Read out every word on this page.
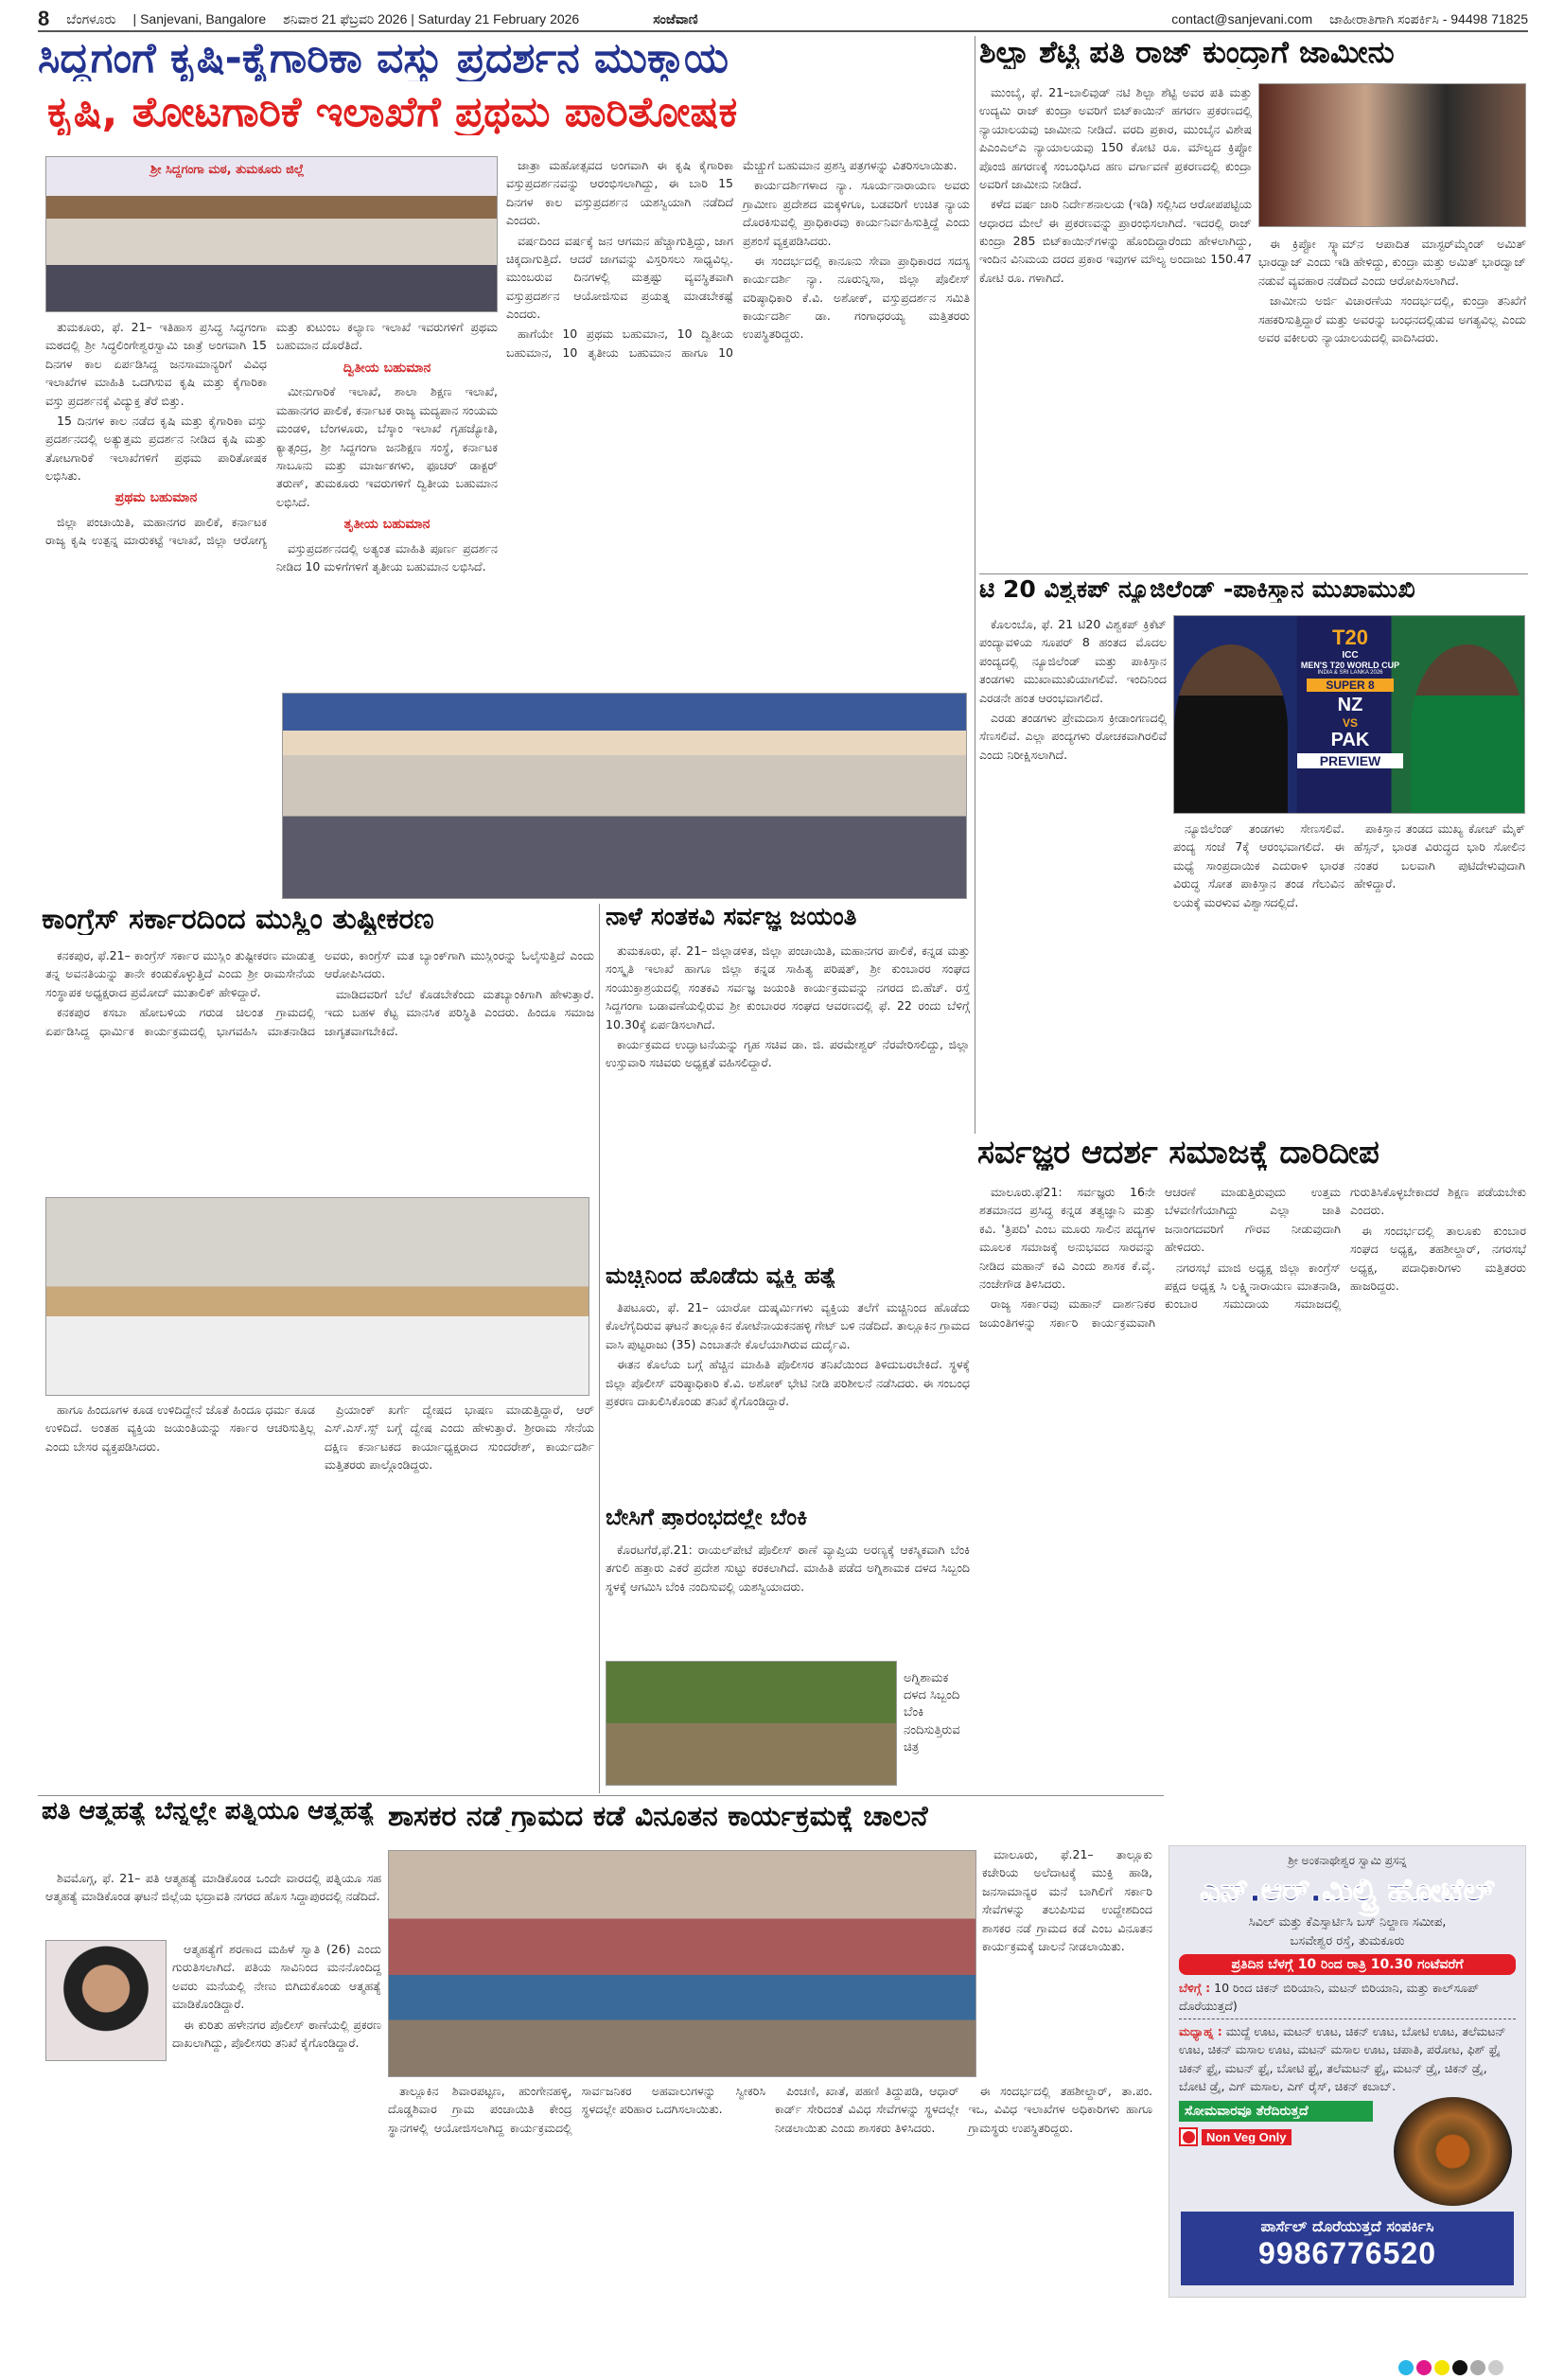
8 ಬೆಂಗಳೂರು | Sanjevani, Bangalore ಶನಿವಾರ 21 ಫೆಬ್ರವರಿ 2026 | Saturday 21 February 2026	ಸಂಜೆವಾಣಿ	contact@sanjevani.com ಜಾಹೀರಾತಿಗಾಗಿ ಸಂಪರ್ಕಿಸಿ - 94498 71825
ಸಿದ್ದಗಂಗೆ ಕೃಷಿ-ಕೈಗಾರಿಕಾ ವಸ್ತು ಪ್ರದರ್ಶನ ಮುಕ್ತಾಯ
ಕೃಷಿ, ತೋಟಗಾರಿಕೆ ಇಲಾಖೆಗೆ ಪ್ರಥಮ ಪಾರಿತೋಷಕ
ಶ್ರೀ ಸಿದ್ದಗಂಗಾ ಮಠ, ತುಮಕೂರು ಜಿಲ್ಲೆ

ತುಮಕೂರು, ಫೆ. 21– ಇತಿಹಾಸ ಪ್ರಸಿದ್ಧ ಸಿದ್ಧಗಂಗಾ ಮಠದಲ್ಲಿ ಶ್ರೀ ಸಿದ್ಧಲಿಂಗೇಶ್ವರಸ್ವಾಮಿ ಜಾತ್ರೆ ಅಂಗವಾಗಿ 15 ದಿನಗಳ ಕಾಲ ಏರ್ಪಡಿಸಿದ್ದ ಜನಸಾಮಾನ್ಯರಿಗೆ ವಿವಿಧ ಇಲಾಖೆಗಳ ಮಾಹಿತಿ ಒದಗಿಸುವ ಕೃಷಿ ಮತ್ತು ಕೈಗಾರಿಕಾ ವಸ್ತು ಪ್ರದರ್ಶನಕ್ಕೆ ವಿದ್ಯುಕ್ತ ತೆರೆ ಬಿತ್ತು.

15 ದಿನಗಳ ಕಾಲ ನಡೆದ ಕೃಷಿ ಮತ್ತು ಕೈಗಾರಿಕಾ ವಸ್ತು ಪ್ರದರ್ಶನದಲ್ಲಿ ಅತ್ಯುತ್ತಮ ಪ್ರದರ್ಶನ ನೀಡಿದ ಕೃಷಿ ಮತ್ತು ತೋಟಗಾರಿಕೆ ಇಲಾಖೆಗಳಿಗೆ ಪ್ರಥಮ ಪಾರಿತೋಷಕ ಲಭಿಸಿತು.

ಪ್ರಥಮ ಬಹುಮಾನ

ಜಿಲ್ಲಾ ಪಂಚಾಯಿತಿ, ಮಹಾನಗರ ಪಾಲಿಕೆ, ಕರ್ನಾಟಕ ರಾಜ್ಯ ಕೃಷಿ ಉತ್ಪನ್ನ ಮಾರುಕಟ್ಟೆ ಇಲಾಖೆ, ಜಿಲ್ಲಾ ಆರೋಗ್ಯ ಮತ್ತು ಕುಟುಂಬ ಕಲ್ಯಾಣ ಇಲಾಖೆ ಇವರುಗಳಿಗೆ ಪ್ರಥಮ ಬಹುಮಾನ ದೊರೆತಿದೆ.

ದ್ವಿತೀಯ ಬಹುಮಾನ

ಮೀನುಗಾರಿಕೆ ಇಲಾಖೆ, ಶಾಲಾ ಶಿಕ್ಷಣ ಇಲಾಖೆ, ಮಹಾನಗರ ಪಾಲಿಕೆ, ಕರ್ನಾಟಕ ರಾಜ್ಯ ಮದ್ಯಪಾನ ಸಂಯಮ ಮಂಡಳಿ, ಬೆಂಗಳೂರು, ಬೆಸ್ಕಾಂ ಇಲಾಖೆ ಗೃಹಜ್ಯೋತಿ, ಕ್ಯಾತ್ಸಂದ್ರ, ಶ್ರೀ ಸಿದ್ದಗಂಗಾ ಜನಶಿಕ್ಷಣ ಸಂಸ್ಥೆ, ಕರ್ನಾಟಕ ಸಾಬೂನು ಮತ್ತು ಮಾರ್ಜಕಗಳು, ಫೂಚರ್ ಡಾಕ್ಟರ್ ತರುಣ್, ತುಮಕೂರು ಇವರುಗಳಿಗೆ ದ್ವಿತೀಯ ಬಹುಮಾನ ಲಭಿಸಿದೆ.

ತೃತೀಯ ಬಹುಮಾನ

ವಸ್ತುಪ್ರದರ್ಶನದಲ್ಲಿ ಅತ್ಯಂತ ಮಾಹಿತಿ ಪೂರ್ಣ ಪ್ರದರ್ಶನ ನೀಡಿದ 10 ಮಳಿಗೆಗಳಿಗೆ ತೃತೀಯ ಬಹುಮಾನ ಲಭಿಸಿದೆ.

ಜಾತ್ರಾ ಮಹೋತ್ಸವದ ಅಂಗವಾಗಿ ಈ ಕೃಷಿ ಕೈಗಾರಿಕಾ ವಸ್ತುಪ್ರದರ್ಶನವನ್ನು ಆರಂಭಿಸಲಾಗಿದ್ದು, ಈ ಬಾರಿ 15 ದಿನಗಳ ಕಾಲ ವಸ್ತುಪ್ರದರ್ಶನ ಯಶಸ್ವಿಯಾಗಿ ನಡೆದಿದೆ ಎಂದರು.

ವರ್ಷದಿಂದ ವರ್ಷಕ್ಕೆ ಜನ ಆಗಮನ ಹೆಚ್ಚಾಗುತ್ತಿದ್ದು, ಜಾಗ ಚಿಕ್ಕದಾಗುತ್ತಿದೆ. ಆದರೆ ಜಾಗವನ್ನು ವಿಸ್ತರಿಸಲು ಸಾಧ್ಯವಿಲ್ಲ. ಮುಂಬರುವ ದಿನಗಳಲ್ಲಿ ಮತ್ತಷ್ಟು ವ್ಯವಸ್ಥಿತವಾಗಿ ವಸ್ತುಪ್ರದರ್ಶನ ಆಯೋಜಿಸುವ ಪ್ರಯತ್ನ ಮಾಡಬೇಕಷ್ಟೆ ಎಂದರು.

ಹಾಗೆಯೇ 10 ಪ್ರಥಮ ಬಹುಮಾನ, 10 ದ್ವಿತೀಯ ಬಹುಮಾನ, 10 ತೃತೀಯ ಬಹುಮಾನ ಹಾಗೂ 10 ಮೆಚ್ಚುಗೆ ಬಹುಮಾನ ಪ್ರಶಸ್ತಿ ಪತ್ರಗಳನ್ನು ವಿತರಿಸಲಾಯಿತು.

ಕಾರ್ಯದರ್ಶಿಗಳಾದ ನ್ಯಾ. ಸೂರ್ಯನಾರಾಯಣ ಅವರು ಗ್ರಾಮೀಣ ಪ್ರದೇಶದ ಮಕ್ಕಳಿಗೂ, ಬಡವರಿಗೆ ಉಚಿತ ನ್ಯಾಯ ದೊರಕಿಸುವಲ್ಲಿ ಪ್ರಾಧಿಕಾರವು ಕಾರ್ಯನಿರ್ವಹಿಸುತ್ತಿದ್ದೆ ಎಂದು ಪ್ರಶಂಸೆ ವ್ಯಕ್ತಪಡಿಸಿದರು.

ಈ ಸಂದರ್ಭದಲ್ಲಿ ಕಾನೂನು ಸೇವಾ ಪ್ರಾಧಿಕಾರದ ಸದಸ್ಯ ಕಾರ್ಯದರ್ಶಿ ನ್ಯಾ. ನೂರುನ್ನಿಸಾ, ಜಿಲ್ಲಾ ಪೊಲೀಸ್ ವರಿಷ್ಠಾಧಿಕಾರಿ ಕೆ.ವಿ. ಅಶೋಕ್, ವಸ್ತುಪ್ರದರ್ಶನ ಸಮಿತಿ ಕಾರ್ಯದರ್ಶಿ ಡಾ. ಗಂಗಾಧರಯ್ಯ ಮತ್ತಿತರರು ಉಪಸ್ಥಿತರಿದ್ದರು.

ಶಿಲ್ಪಾ ಶೆಟ್ಟಿ ಪತಿ ರಾಜ್ ಕುಂದ್ರಾಗೆ ಜಾಮೀನು

ಮುಂಬೈ, ಫೆ. 21–ಬಾಲಿವುಡ್ ನಟಿ ಶಿಲ್ಪಾ ಶೆಟ್ಟಿ ಅವರ ಪತಿ ಮತ್ತು ಉದ್ಯಮಿ ರಾಜ್ ಕುಂದ್ರಾ ಅವರಿಗೆ ಬಿಟ್‌ಕಾಯಿನ್ ಹಗರಣ ಪ್ರಕರಣದಲ್ಲಿ ನ್ಯಾಯಾಲಯವು ಜಾಮೀನು ನೀಡಿದೆ. ವರದಿ ಪ್ರಕಾರ, ಮುಂಬೈನ ವಿಶೇಷ ಪಿಎಂಎಲ್‌ಎ ನ್ಯಾಯಾಲಯವು 150 ಕೋಟಿ ರೂ. ಮೌಲ್ಯದ ಕ್ರಿಪ್ಟೋ ಪೊಂಜಿ ಹಗರಣಕ್ಕೆ ಸಂಬಂಧಿಸಿದ ಹಣ ವರ್ಗಾವಣೆ ಪ್ರಕರಣದಲ್ಲಿ ಕುಂದ್ರಾ ಅವರಿಗೆ ಜಾಮೀನು ನೀಡಿದೆ.

ಕಳೆದ ವರ್ಷ ಜಾರಿ ನಿರ್ದೇಶನಾಲಯ (ಇಡಿ) ಸಲ್ಲಿಸಿದ ಆರೋಪಪಟ್ಟಿಯ ಆಧಾರದ ಮೇಲೆ ಈ ಪ್ರಕರಣವನ್ನು ಪ್ರಾರಂಭಿಸಲಾಗಿದೆ. ಇದರಲ್ಲಿ ರಾಜ್ ಕುಂದ್ರಾ 285 ಬಿಟ್‌ಕಾಯಿನ್‌ಗಳನ್ನು ಹೊಂದಿದ್ದಾರೆಂದು ಹೇಳಲಾಗಿದ್ದು, ಇಂದಿನ ವಿನಿಮಯ ದರದ ಪ್ರಕಾರ ಇವುಗಳ ಮೌಲ್ಯ ಅಂದಾಜು 150.47 ಕೋಟಿ ರೂ. ಗಳಾಗಿದೆ.

ಈ ಕ್ರಿಪ್ಟೋ ಸ್ಕ್ಯಾಮ್‌ನ ಆಪಾದಿತ ಮಾಸ್ಟರ್‌ಮೈಂಡ್ ಅಮಿತ್ ಭಾರದ್ವಾಜ್ ಎಂದು ಇಡಿ ಹೇಳಿದ್ದು, ಕುಂದ್ರಾ ಮತ್ತು ಅಮಿತ್ ಭಾರದ್ವಾಜ್ ನಡುವೆ ವ್ಯವಹಾರ ನಡೆದಿದೆ ಎಂದು ಆರೋಪಿಸಲಾಗಿದೆ.

ಜಾಮೀನು ಅರ್ಜಿ ವಿಚಾರಣೆಯ ಸಂದರ್ಭದಲ್ಲಿ, ಕುಂದ್ರಾ ತನಿಖೆಗೆ ಸಹಕರಿಸುತ್ತಿದ್ದಾರೆ ಮತ್ತು ಅವರನ್ನು ಬಂಧನದಲ್ಲಿಡುವ ಅಗತ್ಯವಿಲ್ಲ ಎಂದು ಅವರ ವಕೀಲರು ನ್ಯಾಯಾಲಯದಲ್ಲಿ ವಾದಿಸಿದರು.

ಟಿ 20 ವಿಶ್ವಕಪ್ ನ್ಯೂಜಿಲೆಂಡ್ -ಪಾಕಿಸ್ತಾನ ಮುಖಾಮುಖಿ
T20
ICC
MEN'S T20 WORLD CUP
INDIA & SRI LANKA 2026
SUPER 8
NZ
VS
PAK
PREVIEW

ಕೊಲಂಬೊ, ಫೆ. 21 ಟಿ20 ವಿಶ್ವಕಪ್ ಕ್ರಿಕೆಟ್ ಪಂದ್ಯಾವಳಿಯ ಸೂಪರ್ 8 ಹಂತದ ಮೊದಲ ಪಂದ್ಯದಲ್ಲಿ ನ್ಯೂಜಿಲೆಂಡ್ ಮತ್ತು ಪಾಕಿಸ್ತಾನ ತಂಡಗಳು ಮುಖಾಮುಖಿಯಾಗಲಿವೆ. ಇಂದಿನಿಂದ ಎರಡನೇ ಹಂತ ಆರಂಭವಾಗಲಿದೆ.

ಎರಡು ತಂಡಗಳು ಪ್ರೇಮದಾಸ ಕ್ರೀಡಾಂಗಣದಲ್ಲಿ ಸೆಣಸಲಿವೆ. ಎಲ್ಲಾ ಪಂದ್ಯಗಳು ರೋಚಕವಾಗಿರಲಿವೆ ಎಂದು ನಿರೀಕ್ಷಿಸಲಾಗಿದೆ.

ನ್ಯೂಜಿಲೆಂಡ್ ತಂಡಗಳು ಸೇಣಸಲಿವೆ. ಪಂದ್ಯ ಸಂಜೆ 7ಕ್ಕೆ ಆರಂಭವಾಗಲಿದೆ. ಈ ಮಧ್ಯೆ ಸಾಂಪ್ರದಾಯಿಕ ಎದುರಾಳಿ ಭಾರತ ವಿರುದ್ಧ ಸೋತ ಪಾಕಿಸ್ತಾನ ತಂಡ ಗೆಲುವಿನ ಲಯಕ್ಕೆ ಮರಳುವ ವಿಶ್ವಾಸದಲ್ಲಿದೆ.

ಪಾಕಿಸ್ತಾನ ತಂಡದ ಮುಖ್ಯ ಕೋಚ್ ಮೈಕ್ ಹೆಸ್ಸನ್, ಭಾರತ ವಿರುದ್ಧದ ಭಾರಿ ಸೋಲಿನ ನಂತರ ಬಲವಾಗಿ ಪುಟಿದೇಳುವುದಾಗಿ ಹೇಳಿದ್ದಾರೆ.

ಕಾಂಗ್ರೆಸ್ ಸರ್ಕಾರದಿಂದ ಮುಸ್ಲಿಂ ತುಷ್ಟೀಕರಣ

ಕನಕಪುರ, ಫೆ.21– ಕಾಂಗ್ರೆಸ್ ಸರ್ಕಾರ ಮುಸ್ಲಿಂ ತುಷ್ಟೀಕರಣ ಮಾಡುತ್ತ ತನ್ನ ಅವನತಿಯನ್ನು ತಾನೇ ಕಂಡುಕೊಳ್ಳುತ್ತಿದೆ ಎಂದು ಶ್ರೀ ರಾಮಸೇನೆಯ ಸಂಸ್ಥಾಪಕ ಅಧ್ಯಕ್ಷರಾದ ಪ್ರಮೋದ್ ಮುತಾಲಿಕ್ ಹೇಳಿದ್ದಾರೆ.

ಕನಕಪುರ ಕಸಬಾ ಹೋಬಳಿಯ ಗರುಡ ಚಿಲಂತ ಗ್ರಾಮದಲ್ಲಿ ಏರ್ಪಡಿಸಿದ್ದ ಧಾರ್ಮಿಕ ಕಾರ್ಯಕ್ರಮದಲ್ಲಿ ಭಾಗವಹಿಸಿ ಮಾತನಾಡಿದ ಅವರು, ಕಾಂಗ್ರೆಸ್ ಮತ ಬ್ಯಾಂಕ್‌ಗಾಗಿ ಮುಸ್ಲಿಂರನ್ನು ಓಲೈಸುತ್ತಿದೆ ಎಂದು ಆರೋಪಿಸಿದರು.

ಮಾಡಿದವರಿಗೆ ಬೆಲೆ ಕೊಡಬೇಕೆಂದು ಮತಬ್ಯಾಂಕಿಗಾಗಿ ಹೇಳುತ್ತಾರೆ. ಇದು ಬಹಳ ಕೆಟ್ಟ ಮಾನಸಿಕ ಪರಿಸ್ಥಿತಿ ಎಂದರು. ಹಿಂದೂ ಸಮಾಜ ಜಾಗೃತವಾಗಬೇಕಿದೆ.

ಹಾಗೂ ಹಿಂದೂಗಳ ಕೂಡ ಉಳಿದಿದ್ದೇನೆ ಜೊತೆ ಹಿಂದೂ ಧರ್ಮ ಕೂಡ ಉಳಿದಿದೆ. ಅಂತಹ ವ್ಯಕ್ತಿಯ ಜಯಂತಿಯನ್ನು ಸರ್ಕಾರ ಆಚರಿಸುತ್ತಿಲ್ಲ ಎಂದು ಬೇಸರ ವ್ಯಕ್ತಪಡಿಸಿದರು.

ಪ್ರಿಯಾಂಕ್ ಖರ್ಗೆ ದ್ವೇಷದ ಭಾಷಣ ಮಾಡುತ್ತಿದ್ದಾರೆ, ಆರ್ ಎಸ್.ಎಸ್.ಸ್ಸ್ ಬಗ್ಗೆ ದ್ವೇಷ ಎಂದು ಹೇಳುತ್ತಾರೆ. ಶ್ರೀರಾಮ ಸೇನೆಯ ದಕ್ಷಿಣ ಕರ್ನಾಟಕದ ಕಾರ್ಯಾಧ್ಯಕ್ಷರಾದ ಸುಂದರೇಶ್, ಕಾರ್ಯದರ್ಶಿ ಮತ್ತಿತರರು ಪಾಲ್ಗೊಂಡಿದ್ದರು.

ನಾಳೆ ಸಂತಕವಿ ಸರ್ವಜ್ಞ ಜಯಂತಿ

ತುಮಕೂರು, ಫೆ. 21– ಜಿಲ್ಲಾಡಳಿತ, ಜಿಲ್ಲಾ ಪಂಚಾಯಿತಿ, ಮಹಾನಗರ ಪಾಲಿಕೆ, ಕನ್ನಡ ಮತ್ತು ಸಂಸ್ಕೃತಿ ಇಲಾಖೆ ಹಾಗೂ ಜಿಲ್ಲಾ ಕನ್ನಡ ಸಾಹಿತ್ಯ ಪರಿಷತ್, ಶ್ರೀ ಕುಂಬಾರರ ಸಂಘದ ಸಂಯುಕ್ತಾಶ್ರಯದಲ್ಲಿ ಸಂತಕವಿ ಸರ್ವಜ್ಞ ಜಯಂತಿ ಕಾರ್ಯಕ್ರಮವನ್ನು ನಗರದ ಬಿ.ಹೆಚ್. ರಸ್ತೆ ಸಿದ್ದಗಂಗಾ ಬಡಾವಣೆಯಲ್ಲಿರುವ ಶ್ರೀ ಕುಂಬಾರರ ಸಂಘದ ಆವರಣದಲ್ಲಿ ಫೆ. 22 ರಂದು ಬೆಳಿಗ್ಗೆ 10.30ಕ್ಕೆ ಏರ್ಪಡಿಸಲಾಗಿದೆ.

ಕಾರ್ಯಕ್ರಮದ ಉದ್ಘಾಟನೆಯನ್ನು ಗೃಹ ಸಚಿವ ಡಾ. ಜಿ. ಪರಮೇಶ್ವರ್ ನೆರವೇರಿಸಲಿದ್ದು, ಜಿಲ್ಲಾ ಉಸ್ತುವಾರಿ ಸಚಿವರು ಅಧ್ಯಕ್ಷತೆ ವಹಿಸಲಿದ್ದಾರೆ.

ಮಚ್ಚಿನಿಂದ ಹೊಡೆದು ವ್ಯಕ್ತಿ ಹತ್ಯೆ

ತಿಪಟೂರು, ಫೆ. 21– ಯಾರೋ ದುಷ್ಕರ್ಮಿಗಳು ವ್ಯಕ್ತಿಯ ತಲೆಗೆ ಮಚ್ಚಿನಿಂದ ಹೊಡೆದು ಕೊಲೆಗೈದಿರುವ ಘಟನೆ ತಾಲ್ಲೂಕಿನ ಕೋಟೆನಾಯಕನಹಳ್ಳಿ ಗೇಟ್ ಬಳಿ ನಡೆದಿದೆ. ತಾಲ್ಲೂಕಿನ ಗ್ರಾಮದ ವಾಸಿ ಪುಟ್ಟರಾಜು (35) ಎಂಬಾತನೇ ಕೊಲೆಯಾಗಿರುವ ದುರ್ದೈವಿ.

ಈತನ ಕೊಲೆಯ ಬಗ್ಗೆ ಹೆಚ್ಚಿನ ಮಾಹಿತಿ ಪೊಲೀಸರ ತನಿಖೆಯಿಂದ ತಿಳಿದುಬರಬೇಕಿದೆ. ಸ್ಥಳಕ್ಕೆ ಜಿಲ್ಲಾ ಪೊಲೀಸ್ ವರಿಷ್ಠಾಧಿಕಾರಿ ಕೆ.ವಿ. ಅಶೋಕ್ ಭೇಟಿ ನೀಡಿ ಪರಿಶೀಲನೆ ನಡೆಸಿದರು. ಈ ಸಂಬಂಧ ಪ್ರಕರಣ ದಾಖಲಿಸಿಕೊಂಡು ತನಿಖೆ ಕೈಗೊಂಡಿದ್ದಾರೆ.

ಬೇಸಿಗೆ ಪ್ರಾರಂಭದಲ್ಲೇ ಬೆಂಕಿ

ಕೊರಟಗೆರೆ,ಫೆ.21: ರಾಯಲ್‌ಪೇಟೆ ಪೊಲೀಸ್ ಠಾಣೆ ವ್ಯಾಪ್ತಿಯ ಅರಣ್ಯಕ್ಕೆ ಆಕಸ್ಮಿಕವಾಗಿ ಬೆಂಕಿ ತಗುಲಿ ಹತ್ತಾರು ಎಕರೆ ಪ್ರದೇಶ ಸುಟ್ಟು ಕರಕಲಾಗಿದೆ. ಮಾಹಿತಿ ಪಡೆದ ಅಗ್ನಿಶಾಮಕ ದಳದ ಸಿಬ್ಬಂದಿ ಸ್ಥಳಕ್ಕೆ ಆಗಮಿಸಿ ಬೆಂಕಿ ನಂದಿಸುವಲ್ಲಿ ಯಶಸ್ವಿಯಾದರು.

ಅಗ್ನಿಶಾಮಕ ದಳದ ಸಿಬ್ಬಂದಿ ಬೆಂಕಿ ನಂದಿಸುತ್ತಿರುವ ಚಿತ್ರ
ಸರ್ವಜ್ಞರ ಆದರ್ಶ ಸಮಾಜಕ್ಕೆ ದಾರಿದೀಪ

ಮಾಲೂರು.ಫೆ21: ಸರ್ವಜ್ಞರು 16ನೇ ಶತಮಾನದ ಪ್ರಸಿದ್ಧ ಕನ್ನಡ ತತ್ವಜ್ಞಾನಿ ಮತ್ತು ಕವಿ. 'ತ್ರಿಪದಿ' ಎಂಬ ಮೂರು ಸಾಲಿನ ಪದ್ಯಗಳ ಮೂಲಕ ಸಮಾಜಕ್ಕೆ ಅನುಭವದ ಸಾರವನ್ನು ನೀಡಿದ ಮಹಾನ್ ಕವಿ ಎಂದು ಶಾಸಕ ಕೆ.ವೈ. ನಂಜೇಗೌಡ ತಿಳಿಸಿದರು.

ರಾಜ್ಯ ಸರ್ಕಾರವು ಮಹಾನ್ ದಾರ್ಶನಿಕರ ಜಯಂತಿಗಳನ್ನು ಸರ್ಕಾರಿ ಕಾರ್ಯಕ್ರಮವಾಗಿ ಆಚರಣೆ ಮಾಡುತ್ತಿರುವುದು ಉತ್ತಮ ಬೆಳವಣಿಗೆಯಾಗಿದ್ದು ಎಲ್ಲಾ ಜಾತಿ ಜನಾಂಗದವರಿಗೆ ಗೌರವ ನೀಡುವುದಾಗಿ ಹೇಳಿದರು.

ನಗರಸಭೆ ಮಾಜಿ ಅಧ್ಯಕ್ಷ ಜಿಲ್ಲಾ ಕಾಂಗ್ರೆಸ್ ಪಕ್ಷದ ಅಧ್ಯಕ್ಷ ಸಿ ಲಕ್ಷ್ಮಿನಾರಾಯಣ ಮಾತನಾಡಿ, ಕುಂಬಾರ ಸಮುದಾಯ ಸಮಾಜದಲ್ಲಿ ಗುರುತಿಸಿಕೊಳ್ಳಬೇಕಾದರೆ ಶಿಕ್ಷಣ ಪಡೆಯಬೇಕು ಎಂದರು.

ಈ ಸಂದರ್ಭದಲ್ಲಿ ತಾಲೂಕು ಕುಂಬಾರ ಸಂಘದ ಅಧ್ಯಕ್ಷ, ತಹಶೀಲ್ದಾರ್, ನಗರಸಭೆ ಅಧ್ಯಕ್ಷ, ಪದಾಧಿಕಾರಿಗಳು ಮತ್ತಿತರರು ಹಾಜರಿದ್ದರು.

ಪತಿ ಆತ್ಮಹತ್ಯೆ ಬೆನ್ನಲ್ಲೇ ಪತ್ನಿಯೂ ಆತ್ಮಹತ್ಯೆ

ಶಿವಮೊಗ್ಗ, ಫೆ. 21– ಪತಿ ಆತ್ಮಹತ್ಯೆ ಮಾಡಿಕೊಂಡ ಒಂದೇ ವಾರದಲ್ಲಿ ಪತ್ನಿಯೂ ಸಹ ಆತ್ಮಹತ್ಯೆ ಮಾಡಿಕೊಂಡ ಘಟನೆ ಜಿಲ್ಲೆಯ ಭದ್ರಾವತಿ ನಗರದ ಹೊಸ ಸಿದ್ದಾಪುರದಲ್ಲಿ ನಡೆದಿದೆ.

ಆತ್ಮಹತ್ಯೆಗೆ ಶರಣಾದ ಮಹಿಳೆ ಸ್ವಾತಿ (26) ಎಂದು ಗುರುತಿಸಲಾಗಿದೆ. ಪತಿಯ ಸಾವಿನಿಂದ ಮನನೊಂದಿದ್ದ ಅವರು ಮನೆಯಲ್ಲಿ ನೇಣು ಬಿಗಿದುಕೊಂಡು ಆತ್ಮಹತ್ಯೆ ಮಾಡಿಕೊಂಡಿದ್ದಾರೆ.

ಈ ಕುರಿತು ಹಳೇನಗರ ಪೊಲೀಸ್ ಠಾಣೆಯಲ್ಲಿ ಪ್ರಕರಣ ದಾಖಲಾಗಿದ್ದು, ಪೊಲೀಸರು ತನಿಖೆ ಕೈಗೊಂಡಿದ್ದಾರೆ.

ಶಾಸಕರ ನಡೆ ಗ್ರಾಮದ ಕಡೆ ವಿನೂತನ ಕಾರ್ಯಕ್ರಮಕ್ಕೆ ಚಾಲನೆ

ಮಾಲೂರು, ಫೆ.21– ತಾಲ್ಲೂಕು ಕಚೇರಿಯ ಅಲೆದಾಟಕ್ಕೆ ಮುಕ್ತಿ ಹಾಡಿ, ಜನಸಾಮಾನ್ಯರ ಮನೆ ಬಾಗಿಲಿಗೆ ಸರ್ಕಾರಿ ಸೇವೆಗಳನ್ನು ತಲುಪಿಸುವ ಉದ್ದೇಶದಿಂದ ಶಾಸಕರ ನಡೆ ಗ್ರಾಮದ ಕಡೆ ಎಂಬ ವಿನೂತನ ಕಾರ್ಯಕ್ರಮಕ್ಕೆ ಚಾಲನೆ ನೀಡಲಾಯಿತು.

ತಾಲ್ಲೂಕಿನ ಶಿವಾರಪಟ್ಟಣ, ಹುಂಗೇನಹಳ್ಳಿ, ದೊಡ್ಡಶಿವಾರ ಗ್ರಾಮ ಪಂಚಾಯಿತಿ ಕೇಂದ್ರ ಸ್ಥಾನಗಳಲ್ಲಿ ಆಯೋಜಿಸಲಾಗಿದ್ದ ಕಾರ್ಯಕ್ರಮದಲ್ಲಿ ಸಾರ್ವಜನಿಕರ ಅಹವಾಲುಗಳನ್ನು ಸ್ವೀಕರಿಸಿ ಸ್ಥಳದಲ್ಲೇ ಪರಿಹಾರ ಒದಗಿಸಲಾಯಿತು.

ಪಿಂಚಣಿ, ಖಾತೆ, ಪಹಣಿ ತಿದ್ದುಪಡಿ, ಆಧಾರ್ ಕಾರ್ಡ್ ಸೇರಿದಂತೆ ವಿವಿಧ ಸೇವೆಗಳನ್ನು ಸ್ಥಳದಲ್ಲೇ ನೀಡಲಾಯಿತು ಎಂದು ಶಾಸಕರು ತಿಳಿಸಿದರು.

ಈ ಸಂದರ್ಭದಲ್ಲಿ ತಹಶೀಲ್ದಾರ್, ತಾ.ಪಂ. ಇಒ, ವಿವಿಧ ಇಲಾಖೆಗಳ ಅಧಿಕಾರಿಗಳು ಹಾಗೂ ಗ್ರಾಮಸ್ಥರು ಉಪಸ್ಥಿತರಿದ್ದರು.

ಶ್ರೀ ಅಂಕನಾಥೇಶ್ವರ ಸ್ವಾಮಿ ಪ್ರಸನ್ನ
ಎನ್.ಆರ್.ಮಿಲ್ಟ್ರಿ ಹೋಟೆಲ್
ಸಿವಿಲ್ ಮತ್ತು ಕೆಎಸ್ಸಾರ್ಟಿಸಿ ಬಸ್ ನಿಲ್ದಾಣ ಸಮೀಪ,
ಬಸವೇಶ್ವರ ರಸ್ತೆ, ತುಮಕೂರು
ಪ್ರತಿದಿನ ಬೆಳಗ್ಗೆ 10 ರಿಂದ ರಾತ್ರಿ 10.30 ಗಂಟೆವರೆಗೆ
ಬೆಳಿಗ್ಗೆ : 10 ರಿಂದ ಚಿಕನ್ ಬಿರಿಯಾನಿ, ಮಟನ್ ಬಿರಿಯಾನಿ, ಮತ್ತು ಕಾಲ್‌ಸೂಪ್ ದೊರೆಯುತ್ತದೆ)
ಮಧ್ಯಾಹ್ನ : ಮುದ್ದೆ ಊಟ, ಮಟನ್ ಊಟ, ಚಿಕನ್ ಊಟ, ಬೋಟಿ ಊಟ, ತಲೆಮಟನ್ ಊಟ, ಚಿಕನ್ ಮಸಾಲ ಊಟ, ಮಟನ್ ಮಸಾಲ ಊಟ, ಚಪಾತಿ, ಪರೋಟ, ಫಿಶ್ ಫ್ರೈ ಚಿಕನ್ ಫ್ರೈ, ಮಟನ್ ಫ್ರೈ, ಬೋಟಿ ಫ್ರೈ, ತಲೆಮಟನ್ ಫ್ರೈ, ಮಟನ್ ಡ್ರೈ, ಚಿಕನ್ ಡ್ರೈ, ಬೋಟಿ ಡ್ರೈ, ಎಗ್ ಮಸಾಲ, ಎಗ್ ರೈಸ್, ಚಿಕನ್ ಕಬಾಬ್.
ಸೋಮವಾರವೂ ತೆರೆದಿರುತ್ತದೆ
Non Veg Only
ಪಾರ್ಸೆಲ್ ದೊರೆಯುತ್ತದೆ ಸಂಪರ್ಕಿಸಿ
9986776520
